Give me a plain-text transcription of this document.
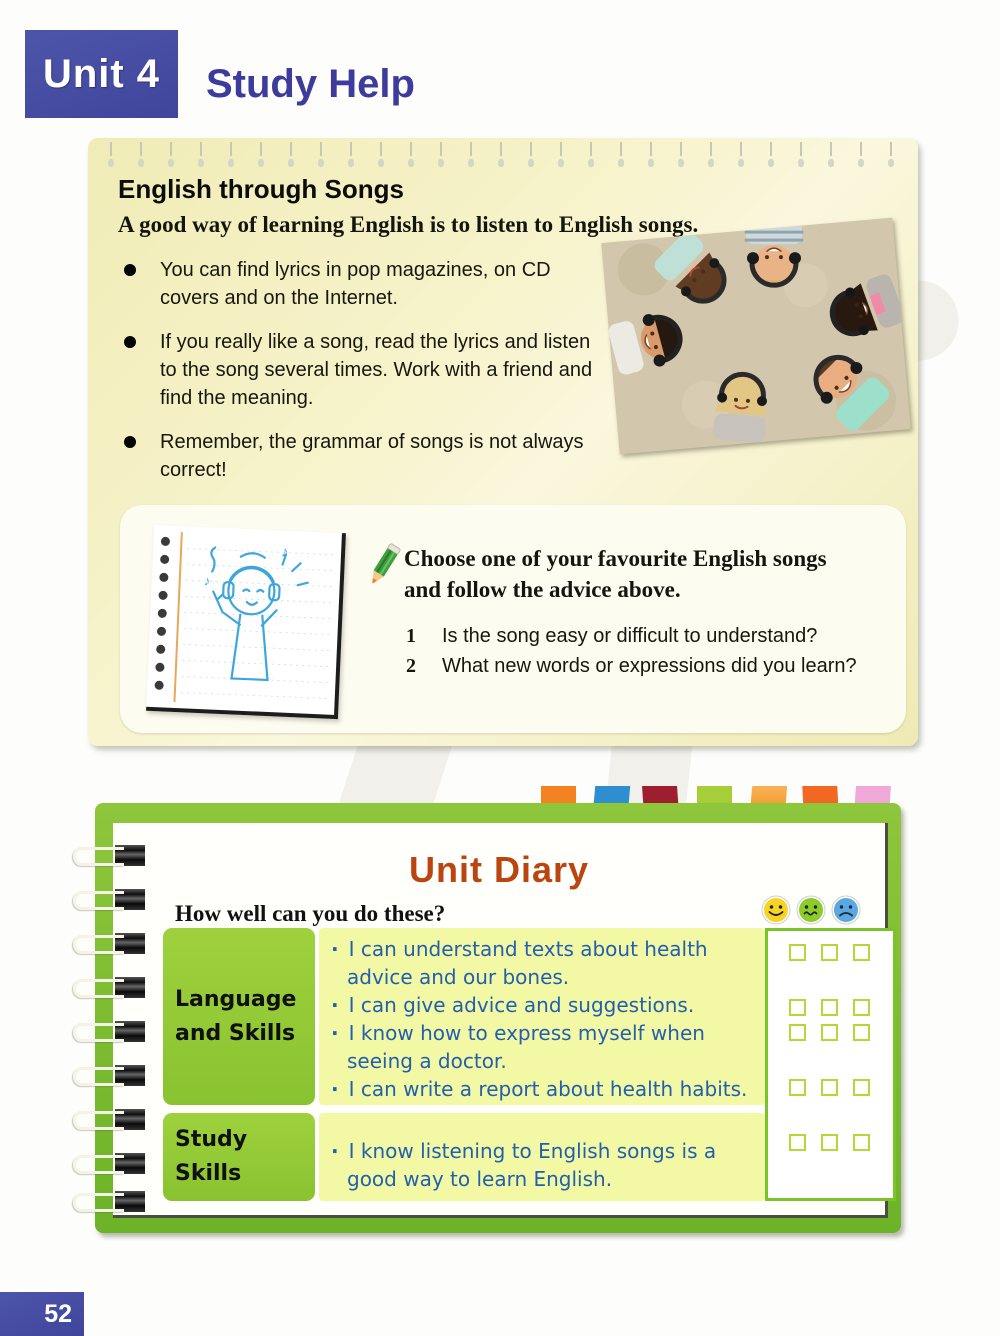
Unit 4 Study Help
English through Songs
A good way of learning English is to listen to English songs.
You can find lyrics in pop magazines, on CD covers and on the Internet.
If you really like a song, read the lyrics and listen to the song several times. Work with a friend and find the meaning.
Remember, the grammar of songs is not always correct!
♪
♪
Choose one of your favourite English songs and follow the advice above.
1	Is the song easy or difficult to understand?
2	What new words or expressions did you learn?
Unit Diary
How well can you do these?
Language and Skills
· I can understand texts about health advice and our bones.
· I can give advice and suggestions.
· I know how to express myself when seeing a doctor.
· I can write a report about health habits.
Study Skills
· I know listening to English songs is a good way to learn English.
52
